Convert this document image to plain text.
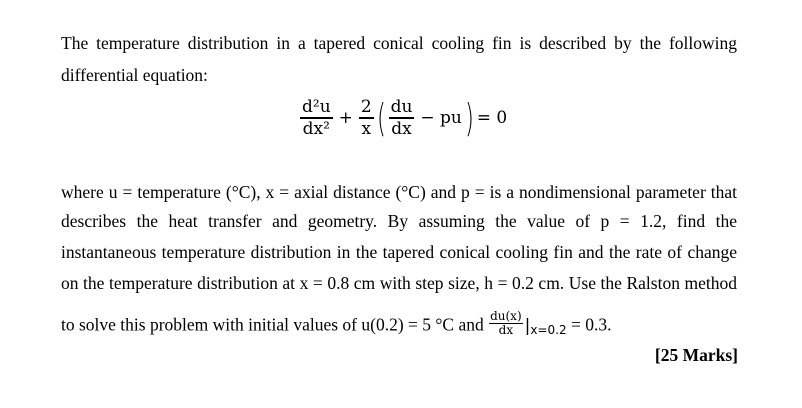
The temperature distribution in a tapered conical cooling fin is described by the following
differential equation:
$\frac{\text{d²u}}{\text{dx²}} + \frac{2}{x}$ ( $\frac{du}{dx}$ − pu ) = 0
where u = temperature (°C), x = axial distance (°C) and p = is a nondimensional parameter that
describes the heat transfer and geometry. By assuming the value of p = 1.2, find the
instantaneous temperature distribution in the tapered conical cooling fin and the rate of change
on the temperature distribution at x = 0.8 cm with step size, h = 0.2 cm. Use the Ralston method
to solve this problem with initial values of u(0.2) = 5 °C and $\frac{du(x)}{dx} |x=0.2 = 0.3$.
[25 Marks]
